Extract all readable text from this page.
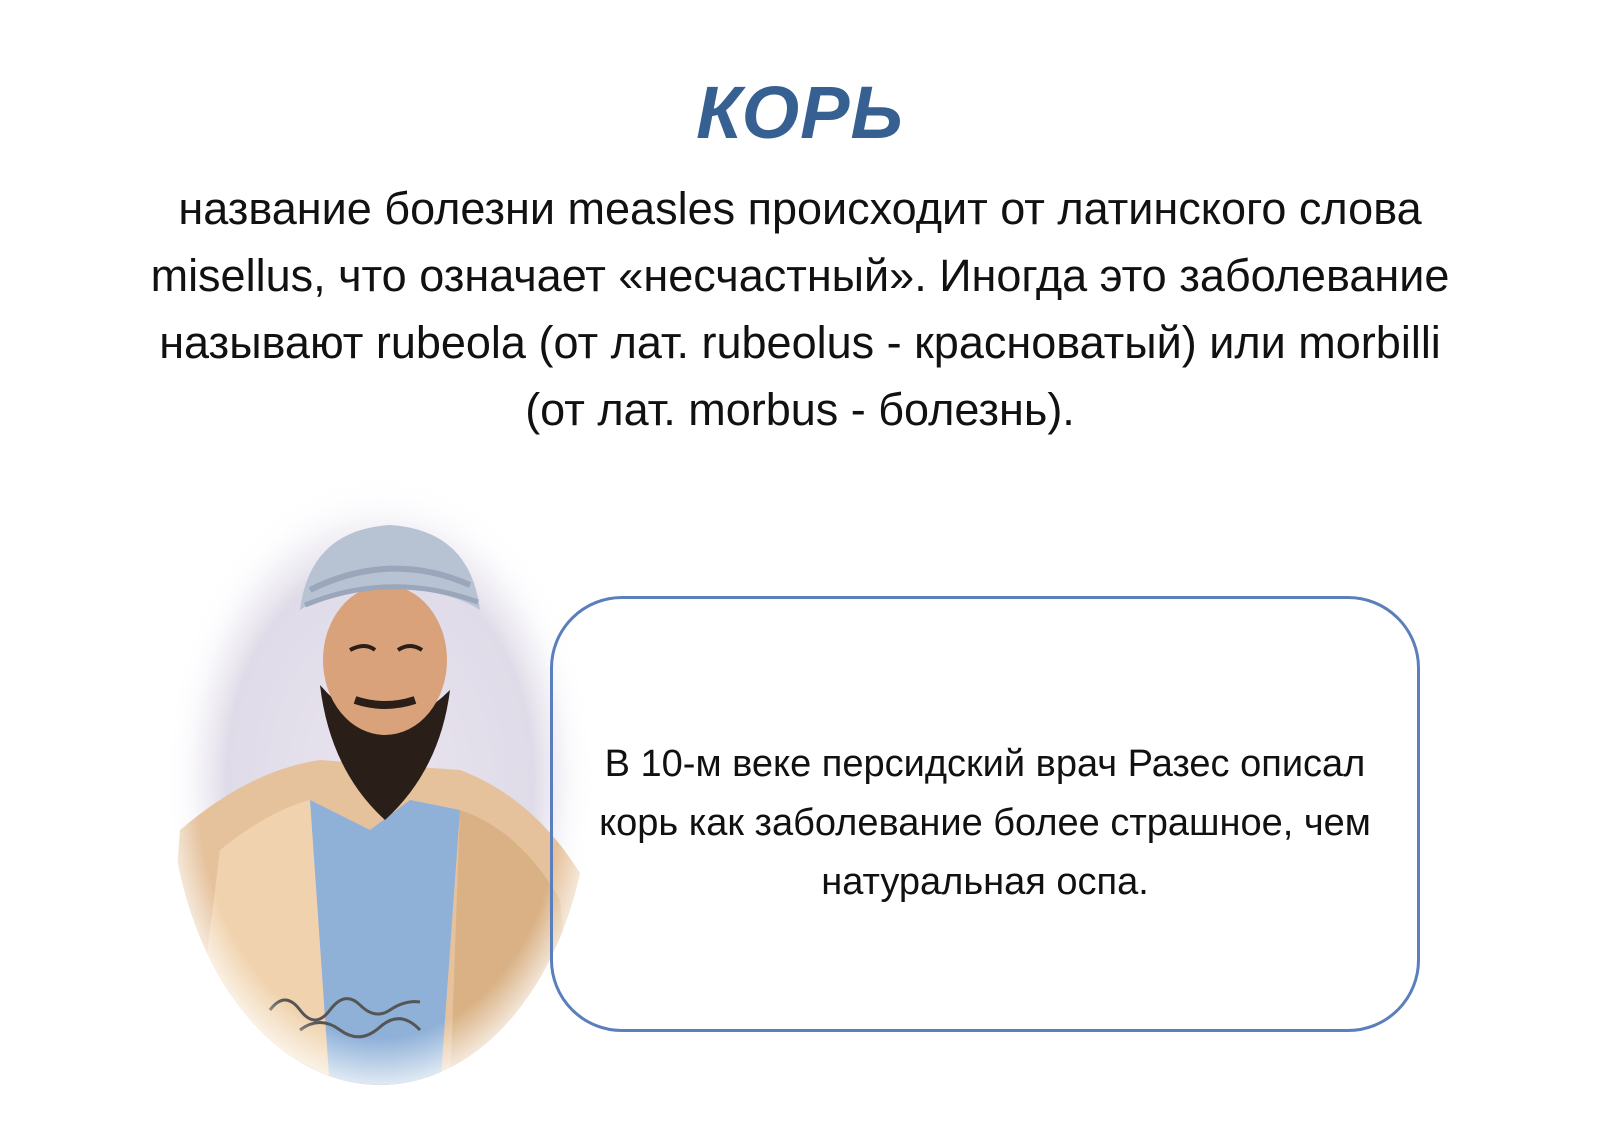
КОРЬ
название болезни measles происходит от латинского слова misellus, что означает «несчастный». Иногда это заболевание называют rubeola (от лат. rubeolus - красноватый) или morbilli (от лат. morbus - болезнь).
В 10-м веке персидский врач Разес описал корь как заболевание более страшное, чем натуральная оспа.
